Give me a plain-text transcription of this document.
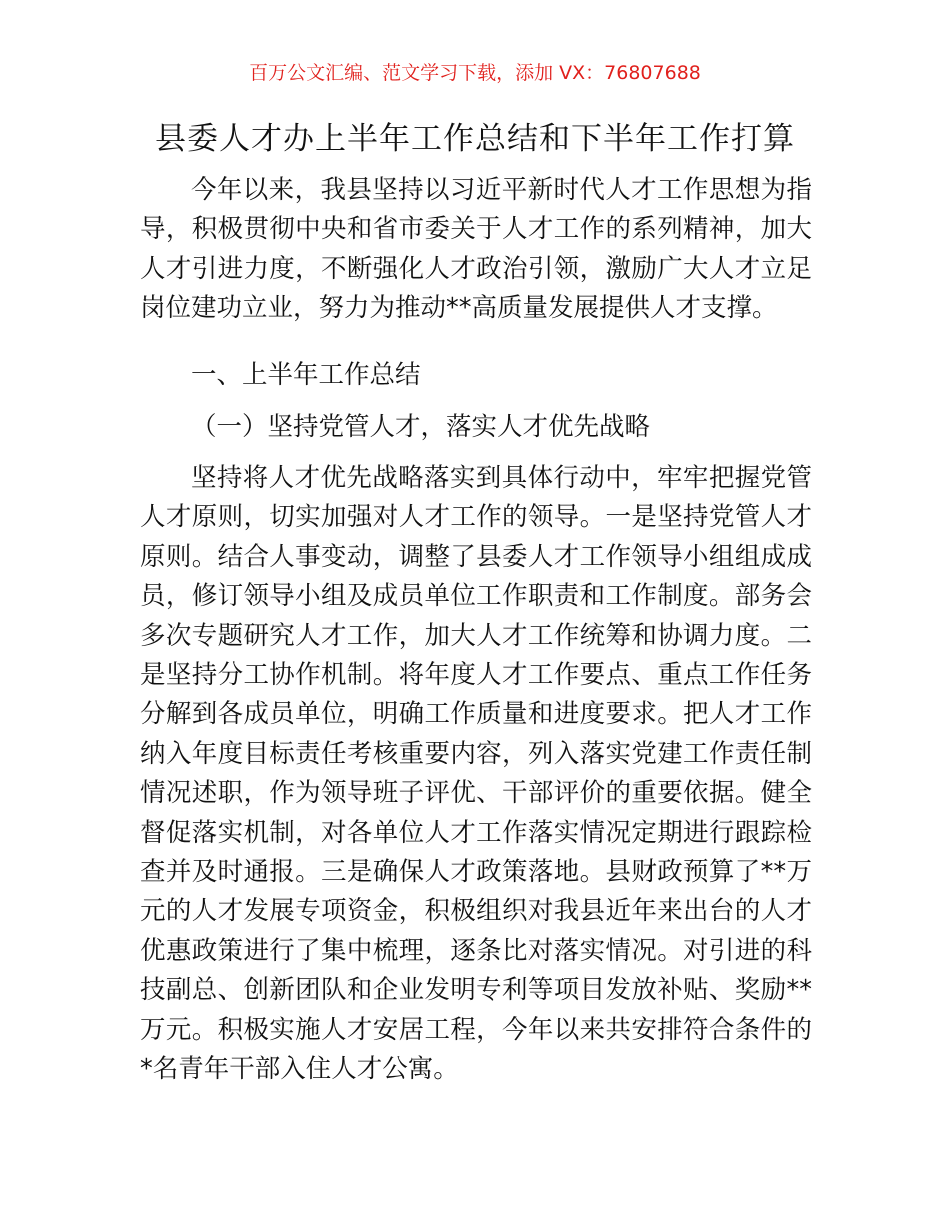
百万公文汇编、范文学习下载，添加 VX：76807688
县委人才办上半年工作总结和下半年工作打算

今年以来，我县坚持以习近平新时代人才工作思想为指导，积极贯彻中央和省市委关于人才工作的系列精神，加大人才引进力度，不断强化人才政治引领，激励广大人才立足岗位建功立业，努力为推动**高质量发展提供人才支撑。

一、上半年工作总结

（一）坚持党管人才，落实人才优先战略

坚持将人才优先战略落实到具体行动中，牢牢把握党管人才原则，切实加强对人才工作的领导。一是坚持党管人才原则。结合人事变动，调整了县委人才工作领导小组组成成员，修订领导小组及成员单位工作职责和工作制度。部务会多次专题研究人才工作，加大人才工作统筹和协调力度。二是坚持分工协作机制。将年度人才工作要点、重点工作任务分解到各成员单位，明确工作质量和进度要求。把人才工作纳入年度目标责任考核重要内容，列入落实党建工作责任制情况述职，作为领导班子评优、干部评价的重要依据。健全督促落实机制，对各单位人才工作落实情况定期进行跟踪检查并及时通报。三是确保人才政策落地。县财政预算了**万元的人才发展专项资金，积极组织对我县近年来出台的人才优惠政策进行了集中梳理，逐条比对落实情况。对引进的科技副总、创新团队和企业发明专利等项目发放补贴、奖励**万元。积极实施人才安居工程，今年以来共安排符合条件的*名青年干部入住人才公寓。
